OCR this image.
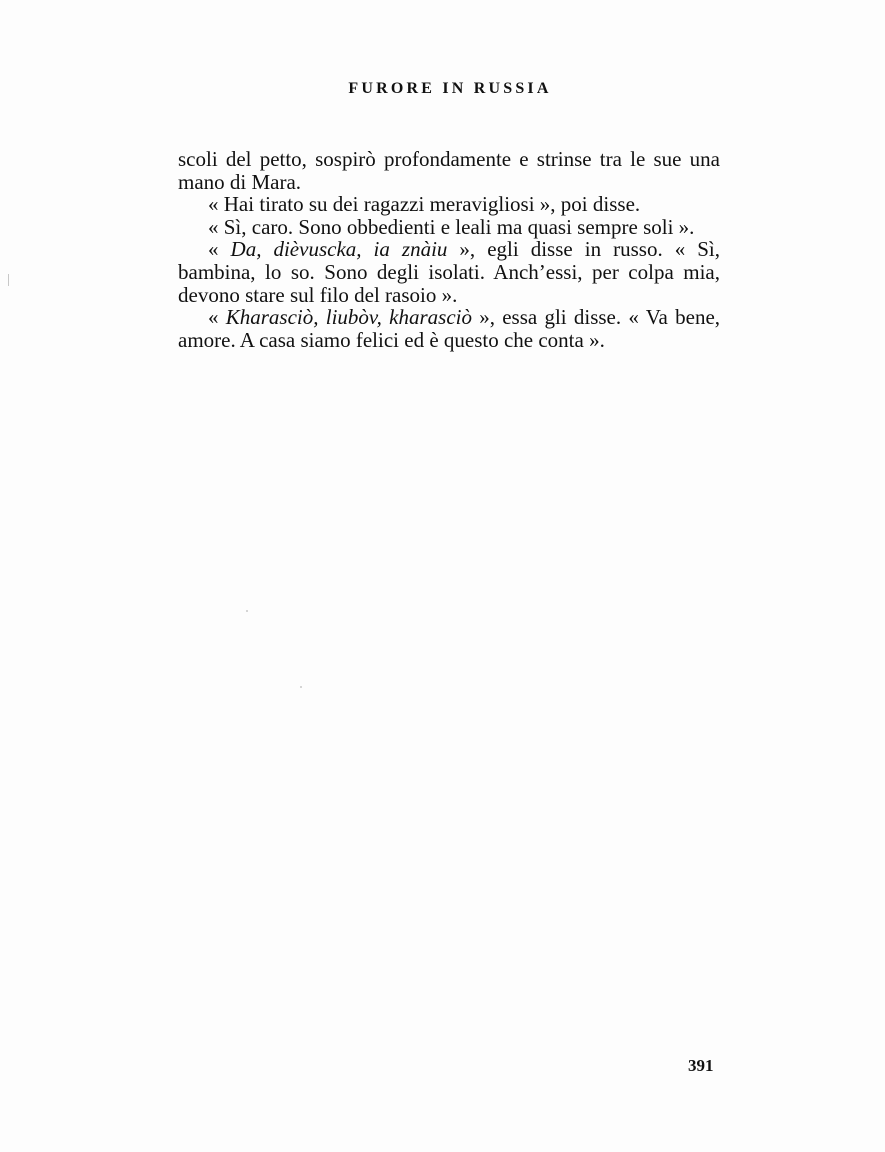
FURORE IN RUSSIA

scoli del petto, sospirò profondamente e strinse tra le sue una mano di Mara.

« Hai tirato su dei ragazzi meravigliosi », poi disse.

« Sì, caro. Sono obbedienti e leali ma quasi sempre soli ».

« Da, dièvuscka, ia znàiu », egli disse in russo. « Sì, bambina, lo so. Sono degli isolati. Anch’essi, per colpa mia, devono stare sul filo del rasoio ».

« Kharasciò, liubòv, kharasciò », essa gli disse. « Va bene, amore. A casa siamo felici ed è questo che conta ».

391
